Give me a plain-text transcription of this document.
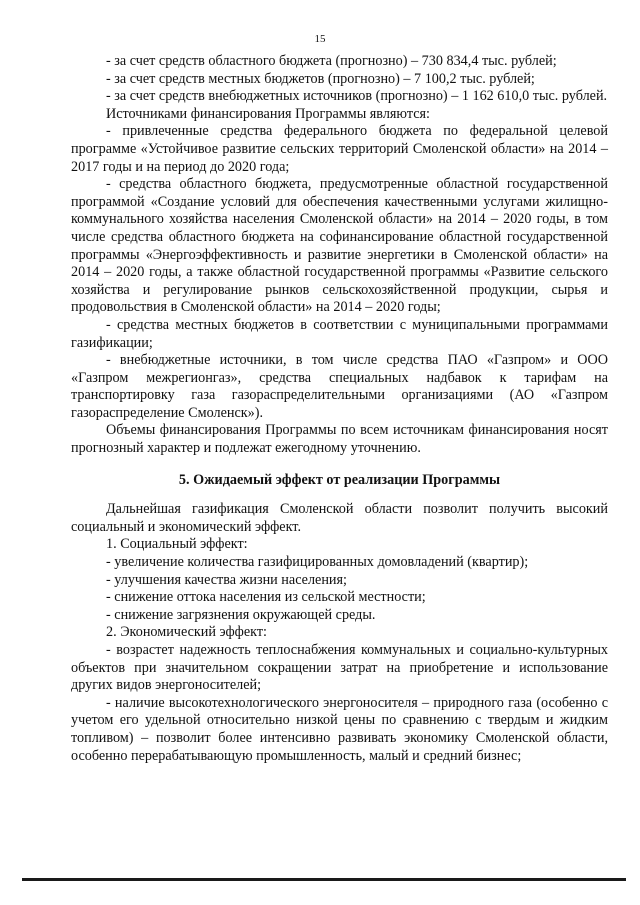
15

- за счет средств областного бюджета (прогнозно) – 730 834,4 тыс. рублей;

- за счет средств местных бюджетов (прогнозно) – 7 100,2 тыс. рублей;

- за счет средств внебюджетных источников (прогнозно) – 1 162 610,0 тыс. рублей.

Источниками финансирования Программы являются:

- привлеченные средства федерального бюджета по федеральной целевой программе «Устойчивое развитие сельских территорий Смоленской области» на 2014 – 2017 годы и на период до 2020 года;

- средства областного бюджета, предусмотренные областной государственной программой «Создание условий для обеспечения качественными услугами жилищно-коммунального хозяйства населения Смоленской области» на 2014 – 2020 годы, в том числе средства областного бюджета на софинансирование областной государственной программы «Энергоэффективность и развитие энергетики в Смоленской области» на 2014 – 2020 годы, а также областной государственной программы «Развитие сельского хозяйства и регулирование рынков сельскохозяйственной продукции, сырья и продовольствия в Смоленской области» на 2014 – 2020 годы;

- средства местных бюджетов в соответствии с муниципальными программами газификации;

- внебюджетные источники, в том числе средства ПАО «Газпром» и ООО «Газпром межрегионгаз», средства специальных надбавок к тарифам на транспортировку газа газораспределительными организациями (АО «Газпром газораспределение Смоленск»).

Объемы финансирования Программы по всем источникам финансирования носят прогнозный характер и подлежат ежегодному уточнению.

5. Ожидаемый эффект от реализации Программы

Дальнейшая газификация Смоленской области позволит получить высокий социальный и экономический эффект.

1. Социальный эффект:

- увеличение количества газифицированных домовладений (квартир);

- улучшения качества жизни населения;

- снижение оттока населения из сельской местности;

- снижение загрязнения окружающей среды.

2. Экономический эффект:

- возрастет надежность теплоснабжения коммунальных и социально-культурных объектов при значительном сокращении затрат на приобретение и использование других видов энергоносителей;

- наличие высокотехнологического энергоносителя – природного газа (особенно с учетом его удельной относительно низкой цены по сравнению с твердым и жидким топливом) – позволит более интенсивно развивать экономику Смоленской области, особенно перерабатывающую промышленность, малый и средний бизнес;
